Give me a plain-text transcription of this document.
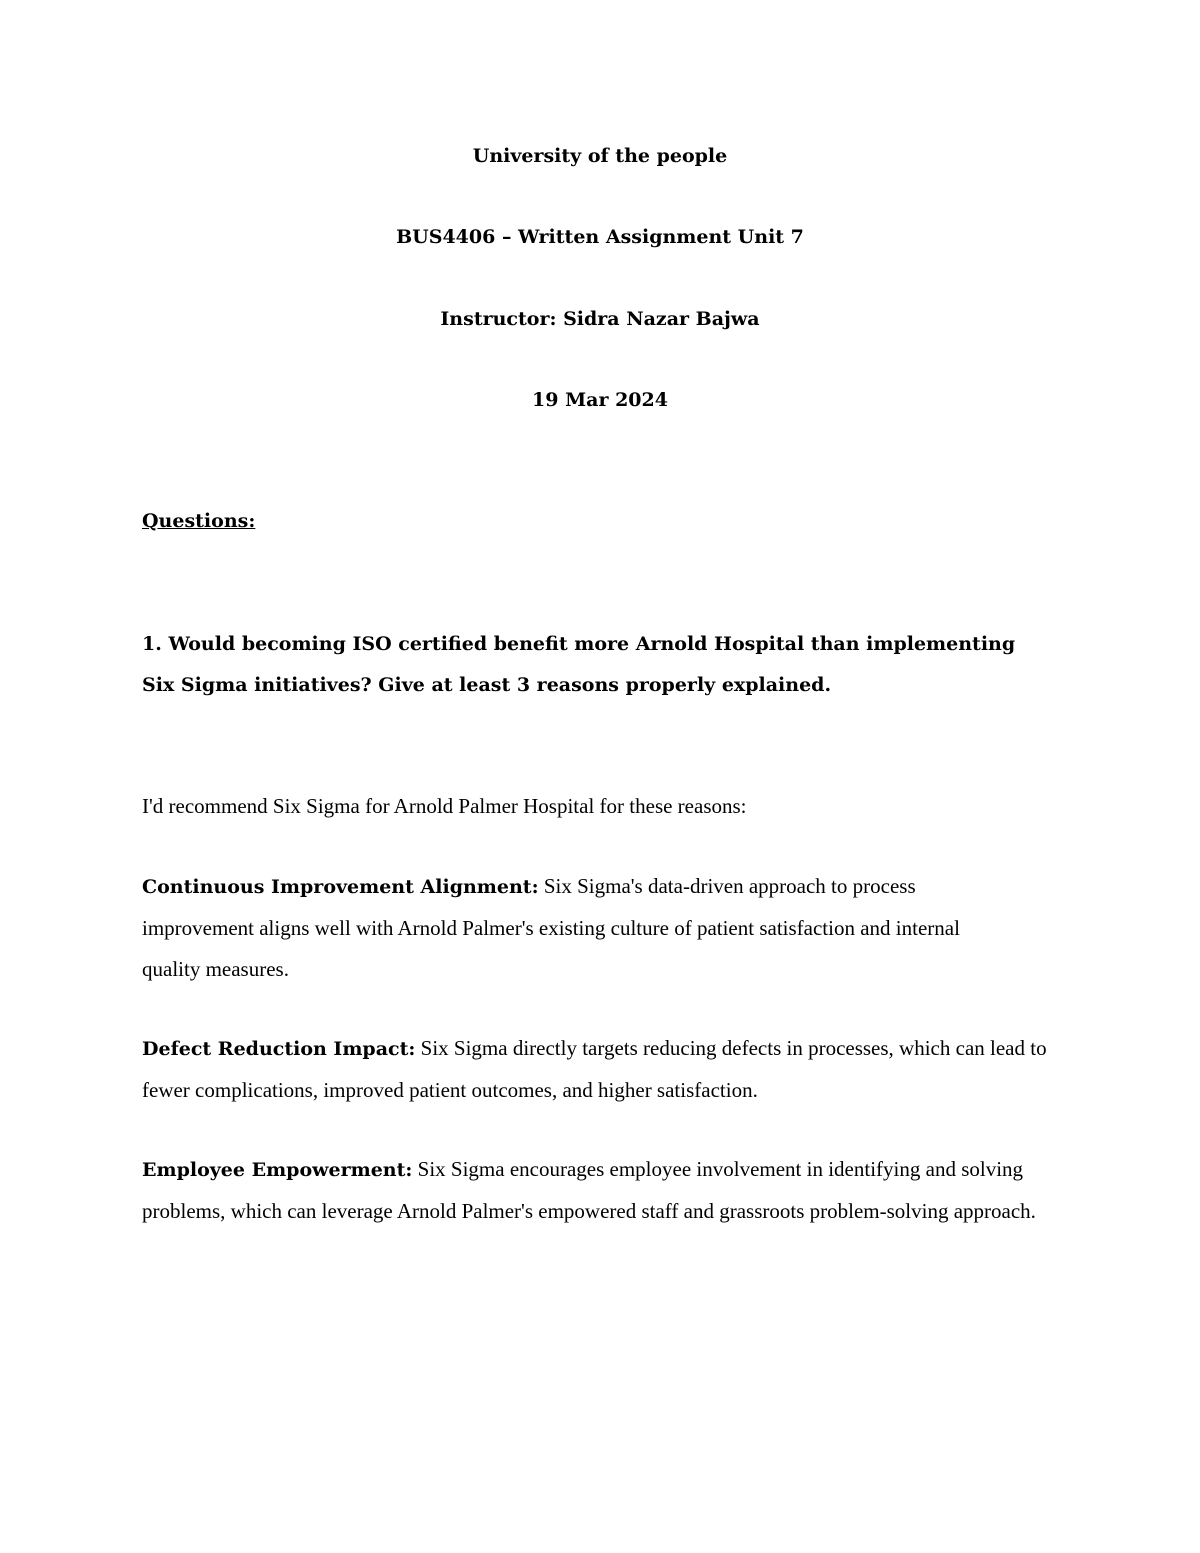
University of the people
BUS4406 – Written Assignment Unit 7
Instructor: Sidra Nazar Bajwa
19 Mar 2024
Questions:
1. Would becoming ISO certified benefit more Arnold Hospital than implementing Six Sigma initiatives? Give at least 3 reasons properly explained.
I'd recommend Six Sigma for Arnold Palmer Hospital for these reasons:
Continuous Improvement Alignment: Six Sigma's data-driven approach to process improvement aligns well with Arnold Palmer's existing culture of patient satisfaction and internal quality measures.
Defect Reduction Impact: Six Sigma directly targets reducing defects in processes, which can lead to fewer complications, improved patient outcomes, and higher satisfaction.
Employee Empowerment: Six Sigma encourages employee involvement in identifying and solving problems, which can leverage Arnold Palmer's empowered staff and grassroots problem-solving approach.
